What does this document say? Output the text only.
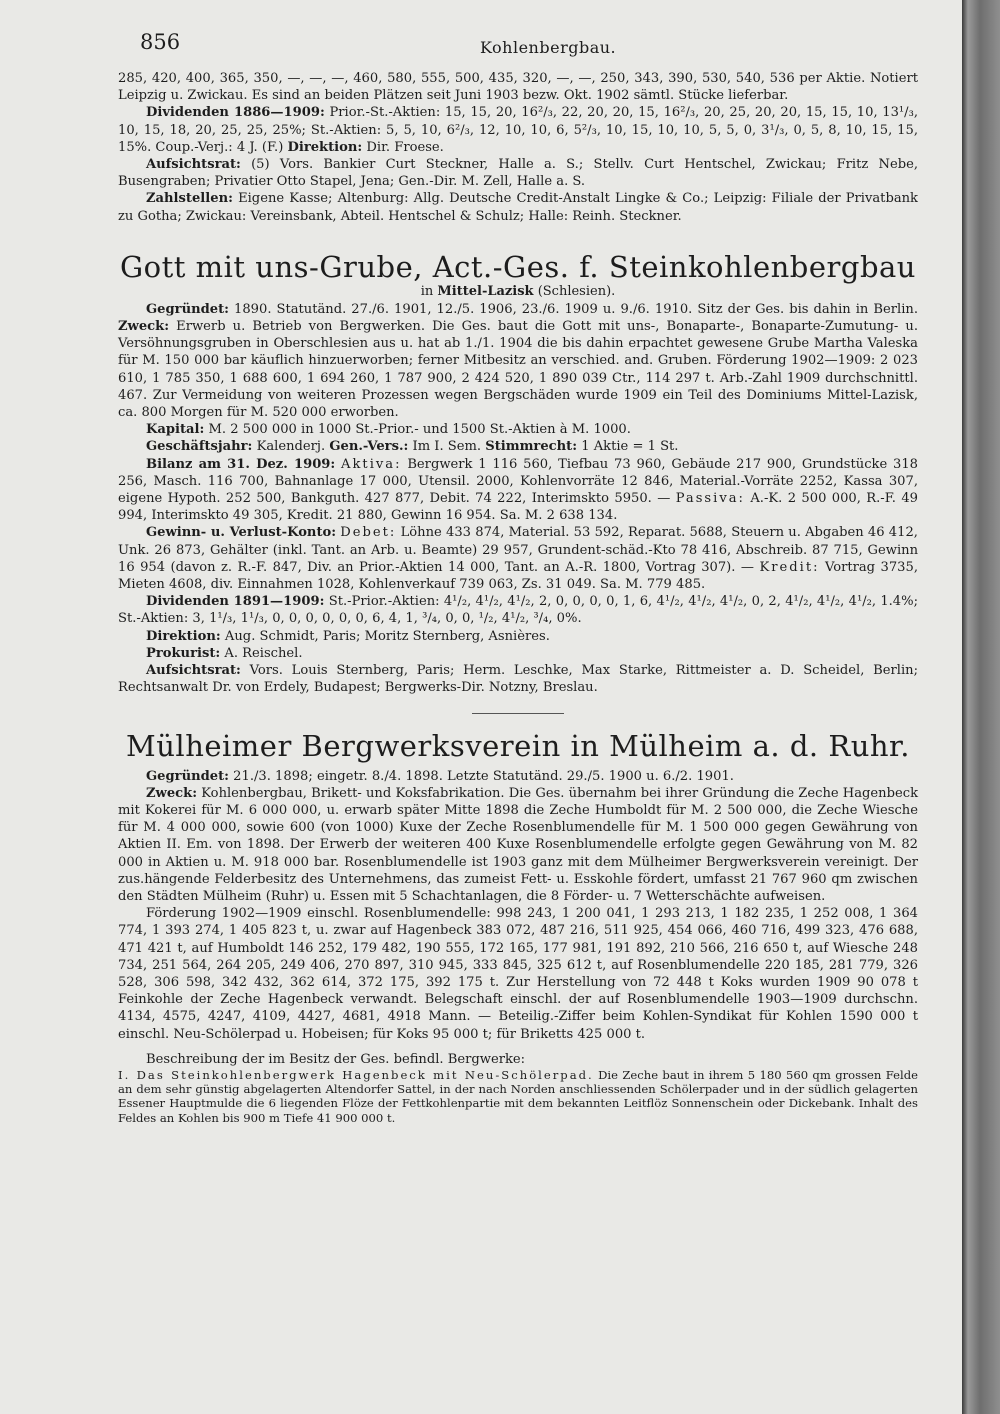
856	Kohlenbergbau.

285, 420, 400, 365, 350, —, —, —, 460, 580, 555, 500, 435, 320, —, —, 250, 343, 390, 530, 540, 536 per Aktie. Notiert Leipzig u. Zwickau. Es sind an beiden Plätzen seit Juni 1903 bezw. Okt. 1902 sämtl. Stücke lieferbar.

Dividenden 1886—1909: Prior.-St.-Aktien: 15, 15, 20, 16²/₃, 22, 20, 20, 15, 16²/₃, 20, 25, 20, 20, 15, 15, 10, 13¹/₃, 10, 15, 18, 20, 25, 25, 25%; St.-Aktien: 5, 5, 10, 6²/₃, 12, 10, 10, 6, 5²/₃, 10, 15, 10, 10, 5, 5, 0, 3¹/₃, 0, 5, 8, 10, 15, 15, 15%. Coup.-Verj.: 4 J. (F.) Direktion: Dir. Froese.

Aufsichtsrat: (5) Vors. Bankier Curt Steckner, Halle a. S.; Stellv. Curt Hentschel, Zwickau; Fritz Nebe, Busengraben; Privatier Otto Stapel, Jena; Gen.-Dir. M. Zell, Halle a. S.

Zahlstellen: Eigene Kasse; Altenburg: Allg. Deutsche Credit-Anstalt Lingke & Co.; Leipzig: Filiale der Privatbank zu Gotha; Zwickau: Vereinsbank, Abteil. Hentschel & Schulz; Halle: Reinh. Steckner.

Gott mit uns-Grube, Act.-Ges. f. Steinkohlenbergbau
in Mittel-Lazisk (Schlesien).

Gegründet: 1890. Statutänd. 27./6. 1901, 12./5. 1906, 23./6. 1909 u. 9./6. 1910. Sitz der Ges. bis dahin in Berlin. Zweck: Erwerb u. Betrieb von Bergwerken. Die Ges. baut die Gott mit uns-, Bonaparte-, Bonaparte-Zumutung- u. Versöhnungsgruben in Oberschlesien aus u. hat ab 1./1. 1904 die bis dahin erpachtet gewesene Grube Martha Valeska für M. 150 000 bar käuflich hinzuerworben; ferner Mitbesitz an verschied. and. Gruben. Förderung 1902—1909: 2 023 610, 1 785 350, 1 688 600, 1 694 260, 1 787 900, 2 424 520, 1 890 039 Ctr., 114 297 t. Arb.-Zahl 1909 durchschnittl. 467. Zur Vermeidung von weiteren Prozessen wegen Bergschäden wurde 1909 ein Teil des Dominiums Mittel-Lazisk, ca. 800 Morgen für M. 520 000 erworben.

Kapital: M. 2 500 000 in 1000 St.-Prior.- und 1500 St.-Aktien à M. 1000.

Geschäftsjahr: Kalenderj. Gen.-Vers.: Im I. Sem. Stimmrecht: 1 Aktie = 1 St.

Bilanz am 31. Dez. 1909: Aktiva: Bergwerk 1 116 560, Tiefbau 73 960, Gebäude 217 900, Grundstücke 318 256, Masch. 116 700, Bahnanlage 17 000, Utensil. 2000, Kohlenvorräte 12 846, Material.-Vorräte 2252, Kassa 307, eigene Hypoth. 252 500, Bankguth. 427 877, Debit. 74 222, Interimskto 5950. — Passiva: A.-K. 2 500 000, R.-F. 49 994, Interimskto 49 305, Kredit. 21 880, Gewinn 16 954. Sa. M. 2 638 134.

Gewinn- u. Verlust-Konto: Debet: Löhne 433 874, Material. 53 592, Reparat. 5688, Steuern u. Abgaben 46 412, Unk. 26 873, Gehälter (inkl. Tant. an Arb. u. Beamte) 29 957, Grundent-schäd.-Kto 78 416, Abschreib. 87 715, Gewinn 16 954 (davon z. R.-F. 847, Div. an Prior.-Aktien 14 000, Tant. an A.-R. 1800, Vortrag 307). — Kredit: Vortrag 3735, Mieten 4608, div. Einnahmen 1028, Kohlenverkauf 739 063, Zs. 31 049. Sa. M. 779 485.

Dividenden 1891—1909: St.-Prior.-Aktien: 4¹/₂, 4¹/₂, 4¹/₂, 2, 0, 0, 0, 0, 1, 6, 4¹/₂, 4¹/₂, 4¹/₂, 0, 2, 4¹/₂, 4¹/₂, 4¹/₂, 1.4%; St.-Aktien: 3, 1¹/₃, 1¹/₃, 0, 0, 0, 0, 0, 0, 6, 4, 1, ³/₄, 0, 0, ¹/₂, 4¹/₂, ³/₄, 0%.

Direktion: Aug. Schmidt, Paris; Moritz Sternberg, Asnières.

Prokurist: A. Reischel.

Aufsichtsrat: Vors. Louis Sternberg, Paris; Herm. Leschke, Max Starke, Rittmeister a. D. Scheidel, Berlin; Rechtsanwalt Dr. von Erdely, Budapest; Bergwerks-Dir. Notzny, Breslau.

Mülheimer Bergwerksverein in Mülheim a. d. Ruhr.

Gegründet: 21./3. 1898; eingetr. 8./4. 1898. Letzte Statutänd. 29./5. 1900 u. 6./2. 1901.

Zweck: Kohlenbergbau, Brikett- und Koksfabrikation. Die Ges. übernahm bei ihrer Gründung die Zeche Hagenbeck mit Kokerei für M. 6 000 000, u. erwarb später Mitte 1898 die Zeche Humboldt für M. 2 500 000, die Zeche Wiesche für M. 4 000 000, sowie 600 (von 1000) Kuxe der Zeche Rosenblumendelle für M. 1 500 000 gegen Gewährung von Aktien II. Em. von 1898. Der Erwerb der weiteren 400 Kuxe Rosenblumendelle erfolgte gegen Gewährung von M. 82 000 in Aktien u. M. 918 000 bar. Rosenblumendelle ist 1903 ganz mit dem Mülheimer Bergwerksverein vereinigt. Der zus.hängende Felderbesitz des Unternehmens, das zumeist Fett- u. Esskohle fördert, umfasst 21 767 960 qm zwischen den Städten Mülheim (Ruhr) u. Essen mit 5 Schachtanlagen, die 8 Förder- u. 7 Wetterschächte aufweisen.

Förderung 1902—1909 einschl. Rosenblumendelle: 998 243, 1 200 041, 1 293 213, 1 182 235, 1 252 008, 1 364 774, 1 393 274, 1 405 823 t, u. zwar auf Hagenbeck 383 072, 487 216, 511 925, 454 066, 460 716, 499 323, 476 688, 471 421 t, auf Humboldt 146 252, 179 482, 190 555, 172 165, 177 981, 191 892, 210 566, 216 650 t, auf Wiesche 248 734, 251 564, 264 205, 249 406, 270 897, 310 945, 333 845, 325 612 t, auf Rosenblumendelle 220 185, 281 779, 326 528, 306 598, 342 432, 362 614, 372 175, 392 175 t. Zur Herstellung von 72 448 t Koks wurden 1909 90 078 t Feinkohle der Zeche Hagenbeck verwandt. Belegschaft einschl. der auf Rosenblumendelle 1903—1909 durchschn. 4134, 4575, 4247, 4109, 4427, 4681, 4918 Mann. — Beteilig.-Ziffer beim Kohlen-Syndikat für Kohlen 1590 000 t einschl. Neu-Schölerpad u. Hobeisen; für Koks 95 000 t; für Briketts 425 000 t.

Beschreibung der im Besitz der Ges. befindl. Bergwerke:

I. Das Steinkohlenbergwerk Hagenbeck mit Neu-Schölerpad. Die Zeche baut in ihrem 5 180 560 qm grossen Felde an dem sehr günstig abgelagerten Altendorfer Sattel, in der nach Norden anschliessenden Schölerpader und in der südlich gelagerten Essener Hauptmulde die 6 liegenden Flöze der Fettkohlenpartie mit dem bekannten Leitflöz Sonnenschein oder Dickebank. Inhalt des Feldes an Kohlen bis 900 m Tiefe 41 900 000 t.
